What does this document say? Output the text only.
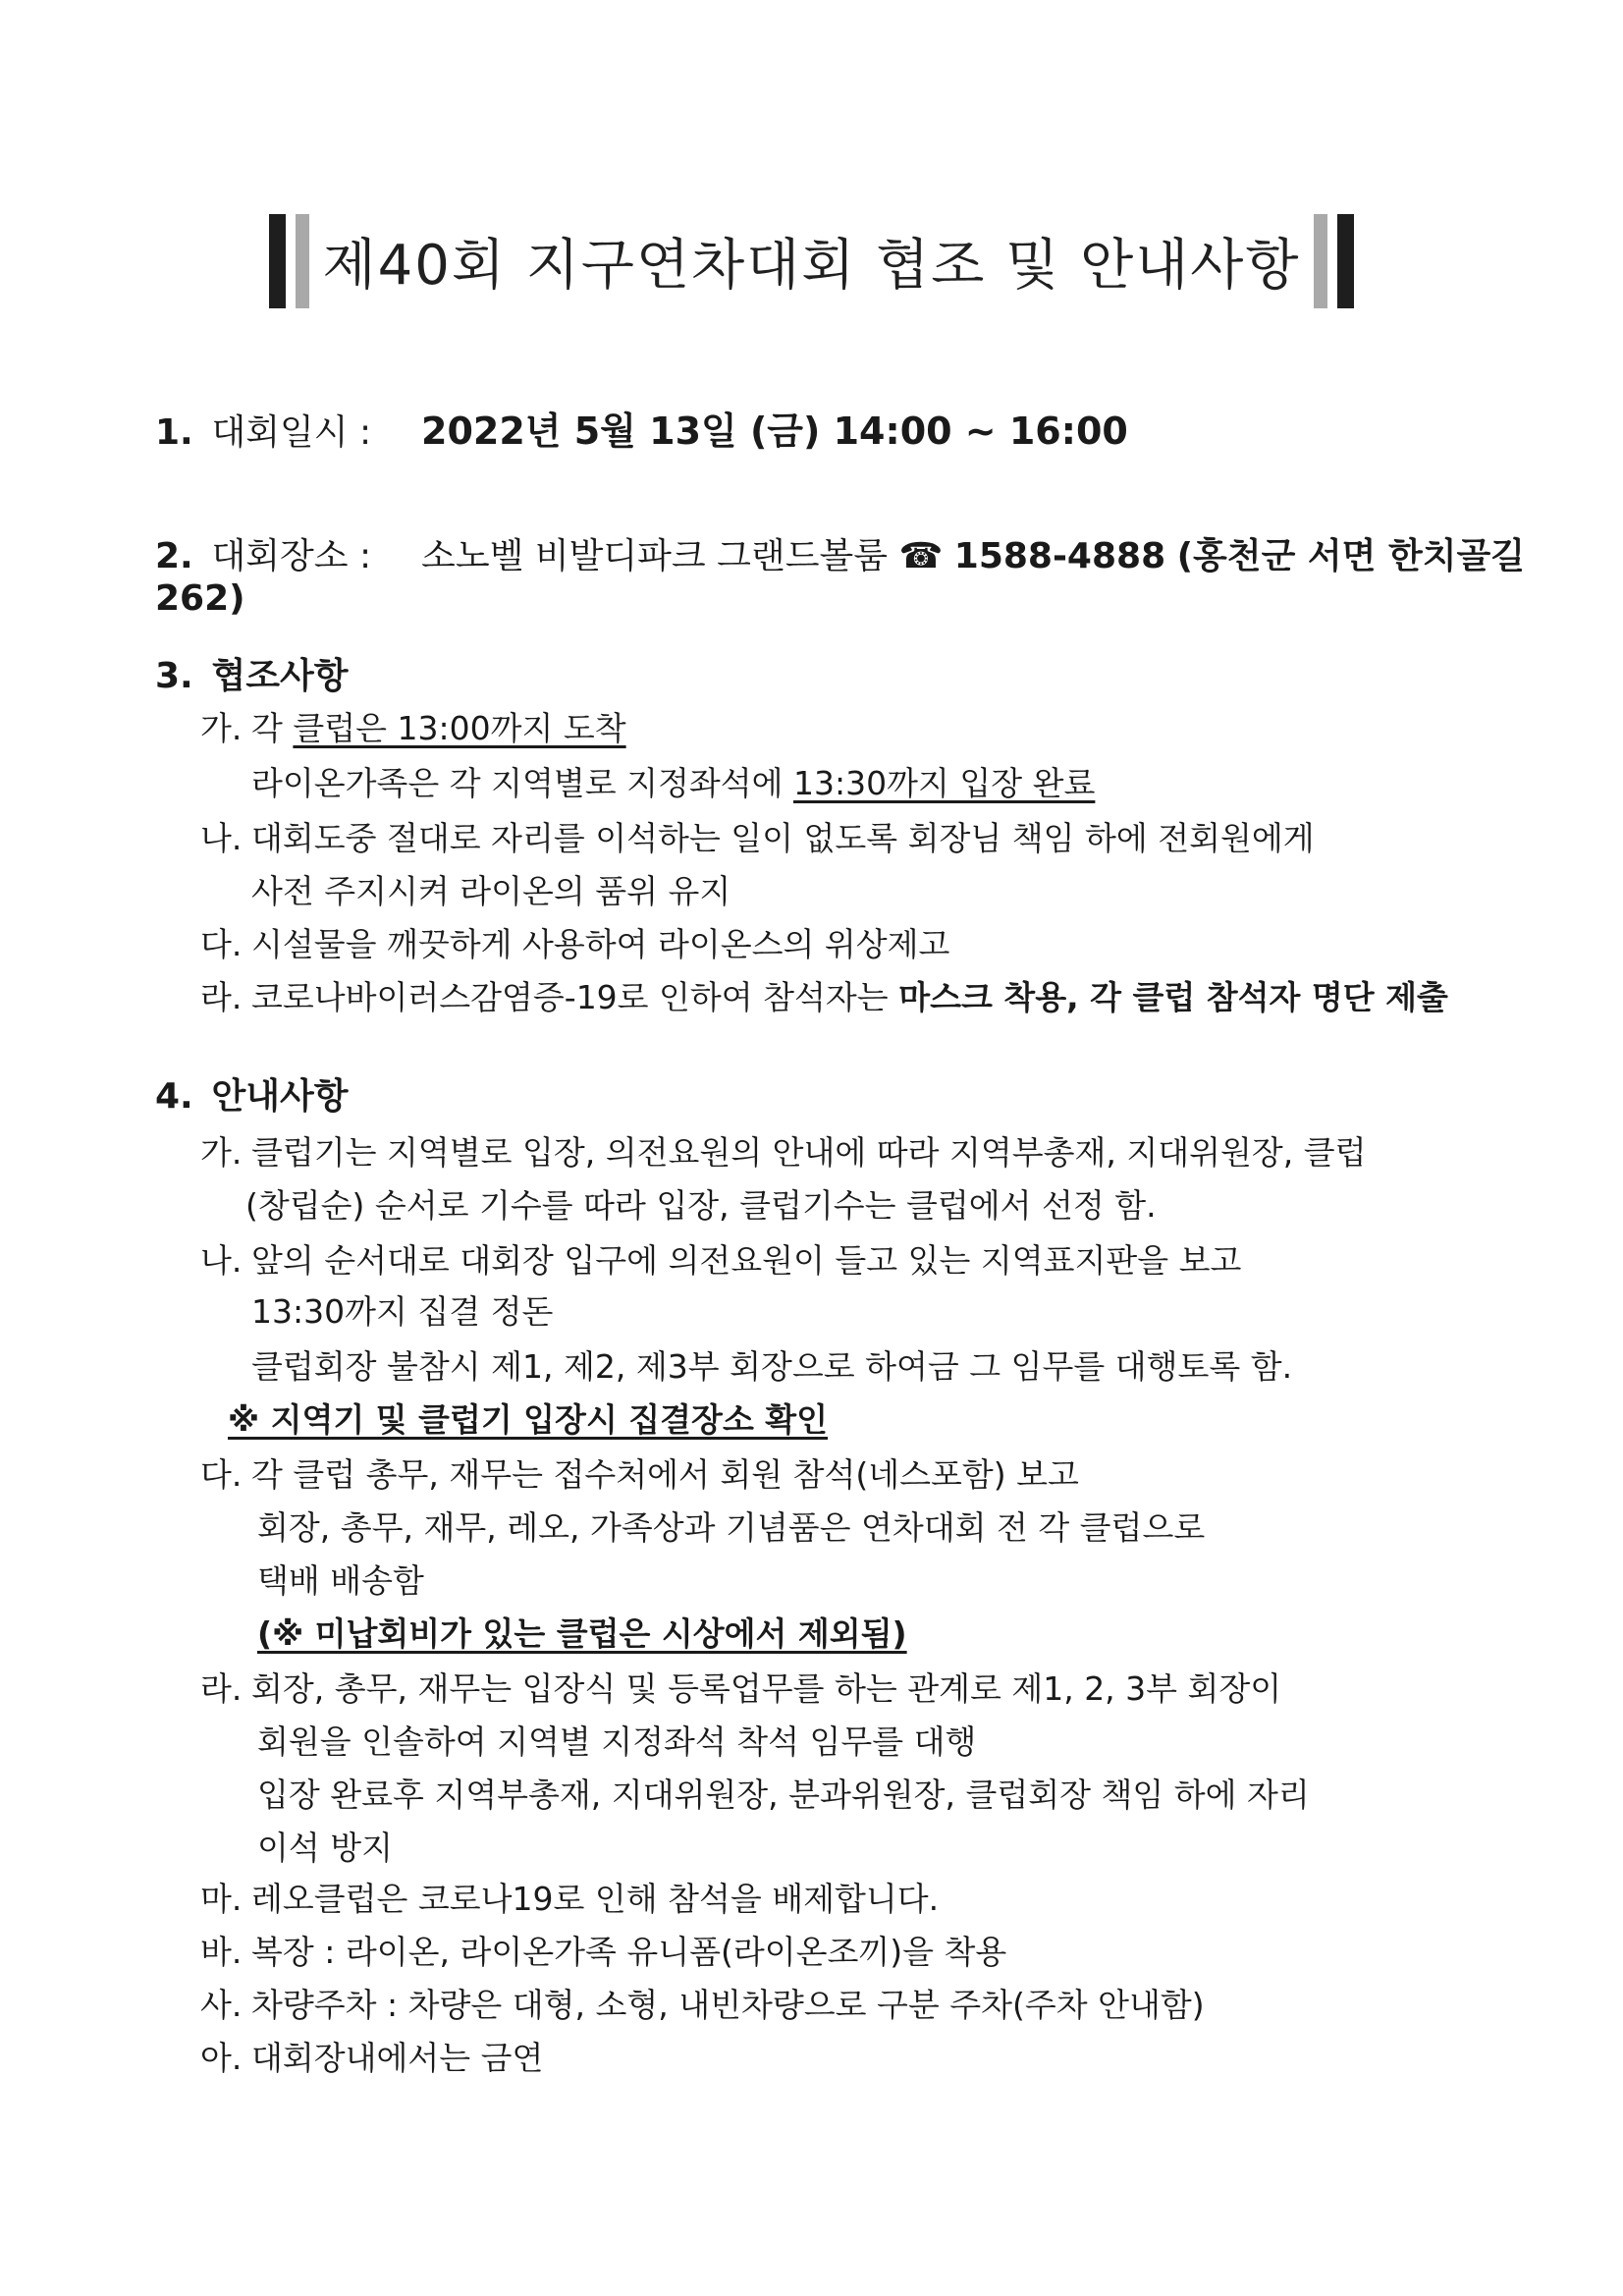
제40회 지구연차대회 협조 및 안내사항
1. 대회일시 : 2022년 5월 13일 (금) 14:00 ~ 16:00
2. 대회장소 : 소노벨 비발디파크 그랜드볼룸 ☎ 1588-4888 (홍천군 서면 한치골길 262)
3. 협조사항
가. 각 클럽은 13:00까지 도착
라이온가족은 각 지역별로 지정좌석에 13:30까지 입장 완료
나. 대회도중 절대로 자리를 이석하는 일이 없도록 회장님 책임 하에 전회원에게
사전 주지시켜 라이온의 품위 유지
다. 시설물을 깨끗하게 사용하여 라이온스의 위상제고
라. 코로나바이러스감염증-19로 인하여 참석자는 마스크 착용, 각 클럽 참석자 명단 제출
4. 안내사항
가. 클럽기는 지역별로 입장, 의전요원의 안내에 따라 지역부총재, 지대위원장, 클럽
(창립순) 순서로 기수를 따라 입장, 클럽기수는 클럽에서 선정 함.
나. 앞의 순서대로 대회장 입구에 의전요원이 들고 있는 지역표지판을 보고
13:30까지 집결 정돈
클럽회장 불참시 제1, 제2, 제3부 회장으로 하여금 그 임무를 대행토록 함.
※ 지역기 및 클럽기 입장시 집결장소 확인
다. 각 클럽 총무, 재무는 접수처에서 회원 참석(네스포함) 보고
회장, 총무, 재무, 레오, 가족상과 기념품은 연차대회 전 각 클럽으로
택배 배송함
(※ 미납회비가 있는 클럽은 시상에서 제외됨)
라. 회장, 총무, 재무는 입장식 및 등록업무를 하는 관계로 제1, 2, 3부 회장이
회원을 인솔하여 지역별 지정좌석 착석 임무를 대행
입장 완료후 지역부총재, 지대위원장, 분과위원장, 클럽회장 책임 하에 자리
이석 방지
마. 레오클럽은 코로나19로 인해 참석을 배제합니다.
바. 복장 : 라이온, 라이온가족 유니폼(라이온조끼)을 착용
사. 차량주차 : 차량은 대형, 소형, 내빈차량으로 구분 주차(주차 안내함)
아. 대회장내에서는 금연
